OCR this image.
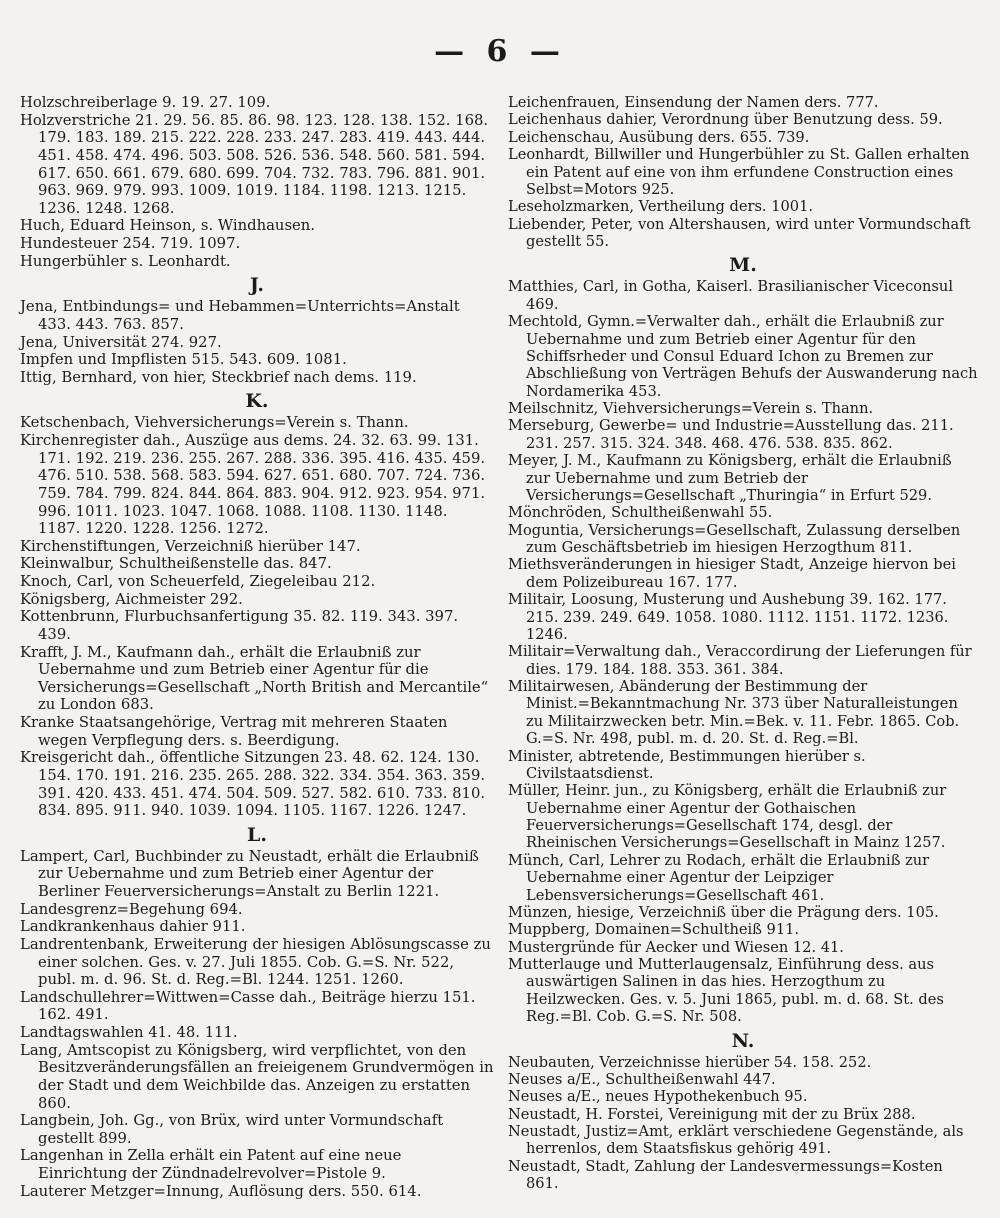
— 6 —
Holzschreiberlage 9. 19. 27. 109.
Holzverstriche 21. 29. 56. 85. 86. 98. 123. 128. 138. 152. 168. 179. 183. 189. 215. 222. 228. 233. 247. 283. 419. 443. 444. 451. 458. 474. 496. 503. 508. 526. 536. 548. 560. 581. 594. 617. 650. 661. 679. 680. 699. 704. 732. 783. 796. 881. 901. 963. 969. 979. 993. 1009. 1019. 1184. 1198. 1213. 1215. 1236. 1248. 1268.
Huch, Eduard Heinson, s. Windhausen.
Hundesteuer 254. 719. 1097.
Hungerbühler s. Leonhardt.
J.
Jena, Entbindungs= und Hebammen=Unterrichts=Anstalt 433. 443. 763. 857.
Jena, Universität 274. 927.
Impfen und Impflisten 515. 543. 609. 1081.
Ittig, Bernhard, von hier, Steckbrief nach dems. 119.
K.
Ketschenbach, Viehversicherungs=Verein s. Thann.
Kirchenregister dah., Auszüge aus dems. 24. 32. 63. 99. 131. 171. 192. 219. 236. 255. 267. 288. 336. 395. 416. 435. 459. 476. 510. 538. 568. 583. 594. 627. 651. 680. 707. 724. 736. 759. 784. 799. 824. 844. 864. 883. 904. 912. 923. 954. 971. 996. 1011. 1023. 1047. 1068. 1088. 1108. 1130. 1148. 1187. 1220. 1228. 1256. 1272.
Kirchenstiftungen, Verzeichniß hierüber 147.
Kleinwalbur, Schultheißenstelle das. 847.
Knoch, Carl, von Scheuerfeld, Ziegeleibau 212.
Königsberg, Aichmeister 292.
Kottenbrunn, Flurbuchsanfertigung 35. 82. 119. 343. 397. 439.
Krafft, J. M., Kaufmann dah., erhält die Erlaubniß zur Uebernahme und zum Betrieb einer Agentur für die Versicherungs=Gesellschaft „North British and Mercantile“ zu London 683.
Kranke Staatsangehörige, Vertrag mit mehreren Staaten wegen Verpflegung ders. s. Beerdigung.
Kreisgericht dah., öffentliche Sitzungen 23. 48. 62. 124. 130. 154. 170. 191. 216. 235. 265. 288. 322. 334. 354. 363. 359. 391. 420. 433. 451. 474. 504. 509. 527. 582. 610. 733. 810. 834. 895. 911. 940. 1039. 1094. 1105. 1167. 1226. 1247.
L.
Lampert, Carl, Buchbinder zu Neustadt, erhält die Erlaubniß zur Uebernahme und zum Betrieb einer Agentur der Berliner Feuerversicherungs=Anstalt zu Berlin 1221.
Landesgrenz=Begehung 694.
Landkrankenhaus dahier 911.
Landrentenbank, Erweiterung der hiesigen Ablösungscasse zu einer solchen. Ges. v. 27. Juli 1855. Cob. G.=S. Nr. 522, publ. m. d. 96. St. d. Reg.=Bl. 1244. 1251. 1260.
Landschullehrer=Wittwen=Casse dah., Beiträge hierzu 151. 162. 491.
Landtagswahlen 41. 48. 111.
Lang, Amtscopist zu Königsberg, wird verpflichtet, von den Besitzveränderungsfällen an freieigenem Grundvermögen in der Stadt und dem Weichbilde das. Anzeigen zu erstatten 860.
Langbein, Joh. Gg., von Brüx, wird unter Vormundschaft gestellt 899.
Langenhan in Zella erhält ein Patent auf eine neue Einrichtung der Zündnadelrevolver=Pistole 9.
Lauterer Metzger=Innung, Auflösung ders. 550. 614.
Leichenfrauen, Einsendung der Namen ders. 777.
Leichenhaus dahier, Verordnung über Benutzung dess. 59.
Leichenschau, Ausübung ders. 655. 739.
Leonhardt, Billwiller und Hungerbühler zu St. Gallen erhalten ein Patent auf eine von ihm erfundene Construction eines Selbst=Motors 925.
Leseholzmarken, Vertheilung ders. 1001.
Liebender, Peter, von Altershausen, wird unter Vormundschaft gestellt 55.
M.
Matthies, Carl, in Gotha, Kaiserl. Brasilianischer Viceconsul 469.
Mechtold, Gymn.=Verwalter dah., erhält die Erlaubniß zur Uebernahme und zum Betrieb einer Agentur für den Schiffsrheder und Consul Eduard Ichon zu Bremen zur Abschließung von Verträgen Behufs der Auswanderung nach Nordamerika 453.
Meilschnitz, Viehversicherungs=Verein s. Thann.
Merseburg, Gewerbe= und Industrie=Ausstellung das. 211. 231. 257. 315. 324. 348. 468. 476. 538. 835. 862.
Meyer, J. M., Kaufmann zu Königsberg, erhält die Erlaubniß zur Uebernahme und zum Betrieb der Versicherungs=Gesellschaft „Thuringia“ in Erfurt 529.
Mönchröden, Schultheißenwahl 55.
Moguntia, Versicherungs=Gesellschaft, Zulassung derselben zum Geschäftsbetrieb im hiesigen Herzogthum 811.
Miethsveränderungen in hiesiger Stadt, Anzeige hiervon bei dem Polizeibureau 167. 177.
Militair, Loosung, Musterung und Aushebung 39. 162. 177. 215. 239. 249. 649. 1058. 1080. 1112. 1151. 1172. 1236. 1246.
Militair=Verwaltung dah., Veraccordirung der Lieferungen für dies. 179. 184. 188. 353. 361. 384.
Militairwesen, Abänderung der Bestimmung der Minist.=Bekanntmachung Nr. 373 über Naturalleistungen zu Militairzwecken betr. Min.=Bek. v. 11. Febr. 1865. Cob. G.=S. Nr. 498, publ. m. d. 20. St. d. Reg.=Bl.
Minister, abtretende, Bestimmungen hierüber s. Civilstaatsdienst.
Müller, Heinr. jun., zu Königsberg, erhält die Erlaubniß zur Uebernahme einer Agentur der Gothaischen Feuerversicherungs=Gesellschaft 174, desgl. der Rheinischen Versicherungs=Gesellschaft in Mainz 1257.
Münch, Carl, Lehrer zu Rodach, erhält die Erlaubniß zur Uebernahme einer Agentur der Leipziger Lebensversicherungs=Gesellschaft 461.
Münzen, hiesige, Verzeichniß über die Prägung ders. 105.
Muppberg, Domainen=Schultheiß 911.
Mustergründe für Aecker und Wiesen 12. 41.
Mutterlauge und Mutterlaugensalz, Einführung dess. aus auswärtigen Salinen in das hies. Herzogthum zu Heilzwecken. Ges. v. 5. Juni 1865, publ. m. d. 68. St. des Reg.=Bl. Cob. G.=S. Nr. 508.
N.
Neubauten, Verzeichnisse hierüber 54. 158. 252.
Neuses a/E., Schultheißenwahl 447.
Neuses a/E., neues Hypothekenbuch 95.
Neustadt, H. Forstei, Vereinigung mit der zu Brüx 288.
Neustadt, Justiz=Amt, erklärt verschiedene Gegenstände, als herrenlos, dem Staatsfiskus gehörig 491.
Neustadt, Stadt, Zahlung der Landesvermessungs=Kosten 861.
